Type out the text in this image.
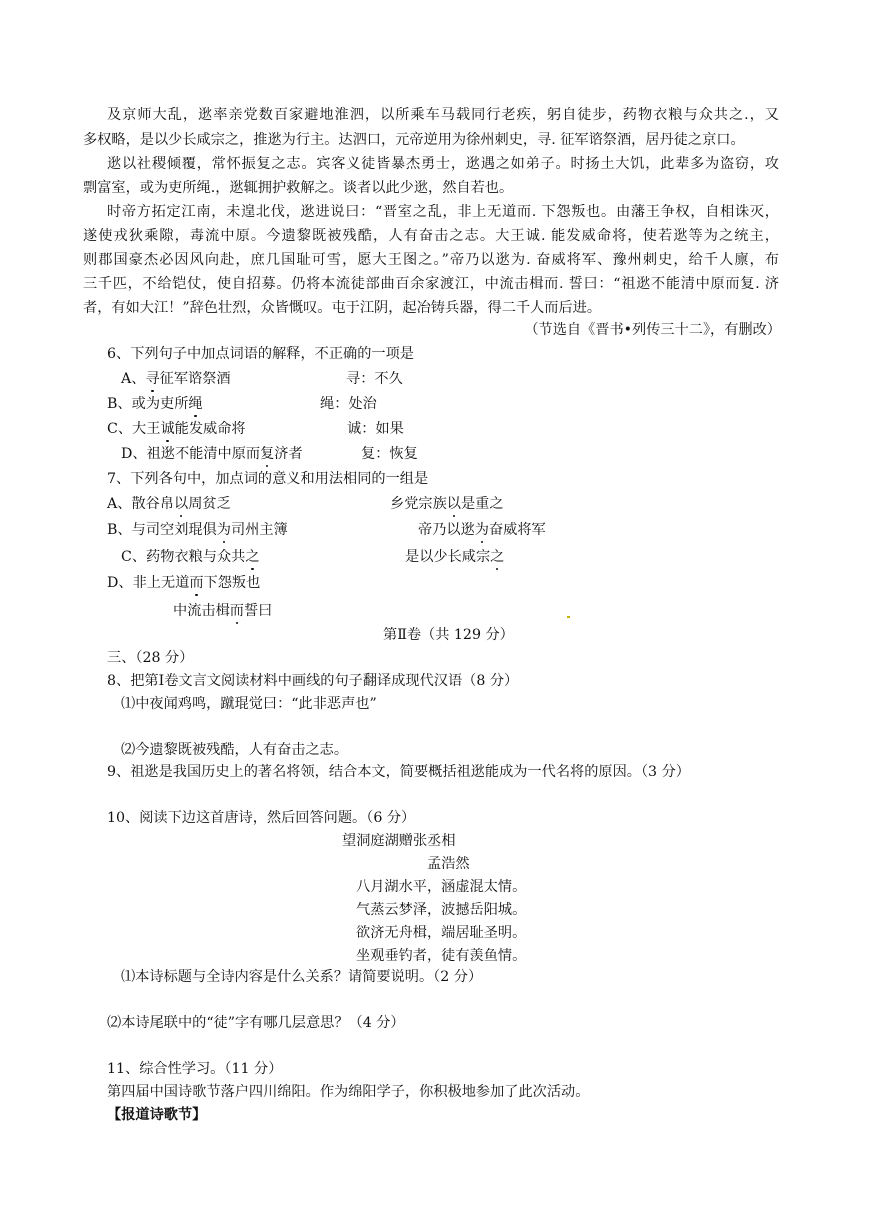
及京师大乱，逖率亲党数百家避地淮泗，以所乘车马载同行老疾，躬自徒步，药物衣粮与众共之.，又
多权略，是以少长咸宗之，推逖为行主。达泗口，元帝逆用为徐州刺史，寻. 征军谘祭酒，居丹徒之京口。
逖以社稷倾覆，常怀振复之志。宾客义徒皆暴杰勇士，逖遇之如弟子。时扬土大饥，此辈多为盗窃，攻
剽富室，或为吏所绳.，逖辄拥护救解之。谈者以此少逖，然自若也。
时帝方拓定江南，未遑北伐，逖进说曰：“晋室之乱，非上无道而. 下怨叛也。由藩王争权，自相诛灭，
遂使戎狄乘隙，毒流中原。今遗黎既被残酷，人有奋击之志。大王诚. 能发威命将，使若逖等为之统主，
则郡国豪杰必因风向赴，庶几国耻可雪，愿大王图之。”帝乃以逖为. 奋威将军、豫州刺史，给千人廪，布
三千匹，不给铠仗，使自招募。仍将本流徒部曲百余家渡江，中流击楫而. 誓曰：“祖逖不能清中原而复. 济
者，有如大江！”辞色壮烈，众皆慨叹。屯于江阴，起冶铸兵器，得二千人而后进。
（节选自《晋书•列传三十二》，有删改）
6、下列句子中加点词语的解释，不正确的一项是
A、寻征军谘祭酒	寻：不久
B、或为吏所绳	绳：处治
C、大王诚能发威命将	诚：如果
D、祖逖不能清中原而复济者	复：恢复
7、下列各句中，加点词的意义和用法相同的一组是
A、散谷帛以周贫乏	乡党宗族以是重之
B、与司空刘琨俱为司州主簿	帝乃以逖为奋威将军
C、药物衣粮与众共之	是以少长咸宗之
D、非上无道而下怨叛也
中流击楫而誓曰
第Ⅱ卷（共 129 分）
三、（28 分）
8、把第Ⅰ卷文言文阅读材料中画线的句子翻译成现代汉语（8 分）
⑴中夜闻鸡鸣，蹴琨觉曰：“此非恶声也”
⑵今遗黎既被残酷，人有奋击之志。
9、祖逖是我国历史上的著名将领，结合本文，简要概括祖逖能成为一代名将的原因。（3 分）
10、阅读下边这首唐诗，然后回答问题。（6 分）
望洞庭湖赠张丞相
孟浩然
八月湖水平，涵虚混太情。
气蒸云梦泽，波撼岳阳城。
欲济无舟楫，端居耻圣明。
坐观垂钓者，徒有羡鱼情。
⑴本诗标题与全诗内容是什么关系？请简要说明。（2 分）
⑵本诗尾联中的“徒”字有哪几层意思？（4 分）
11、综合性学习。（11 分）
第四届中国诗歌节落户四川绵阳。作为绵阳学子，你积极地参加了此次活动。
【报道诗歌节】
